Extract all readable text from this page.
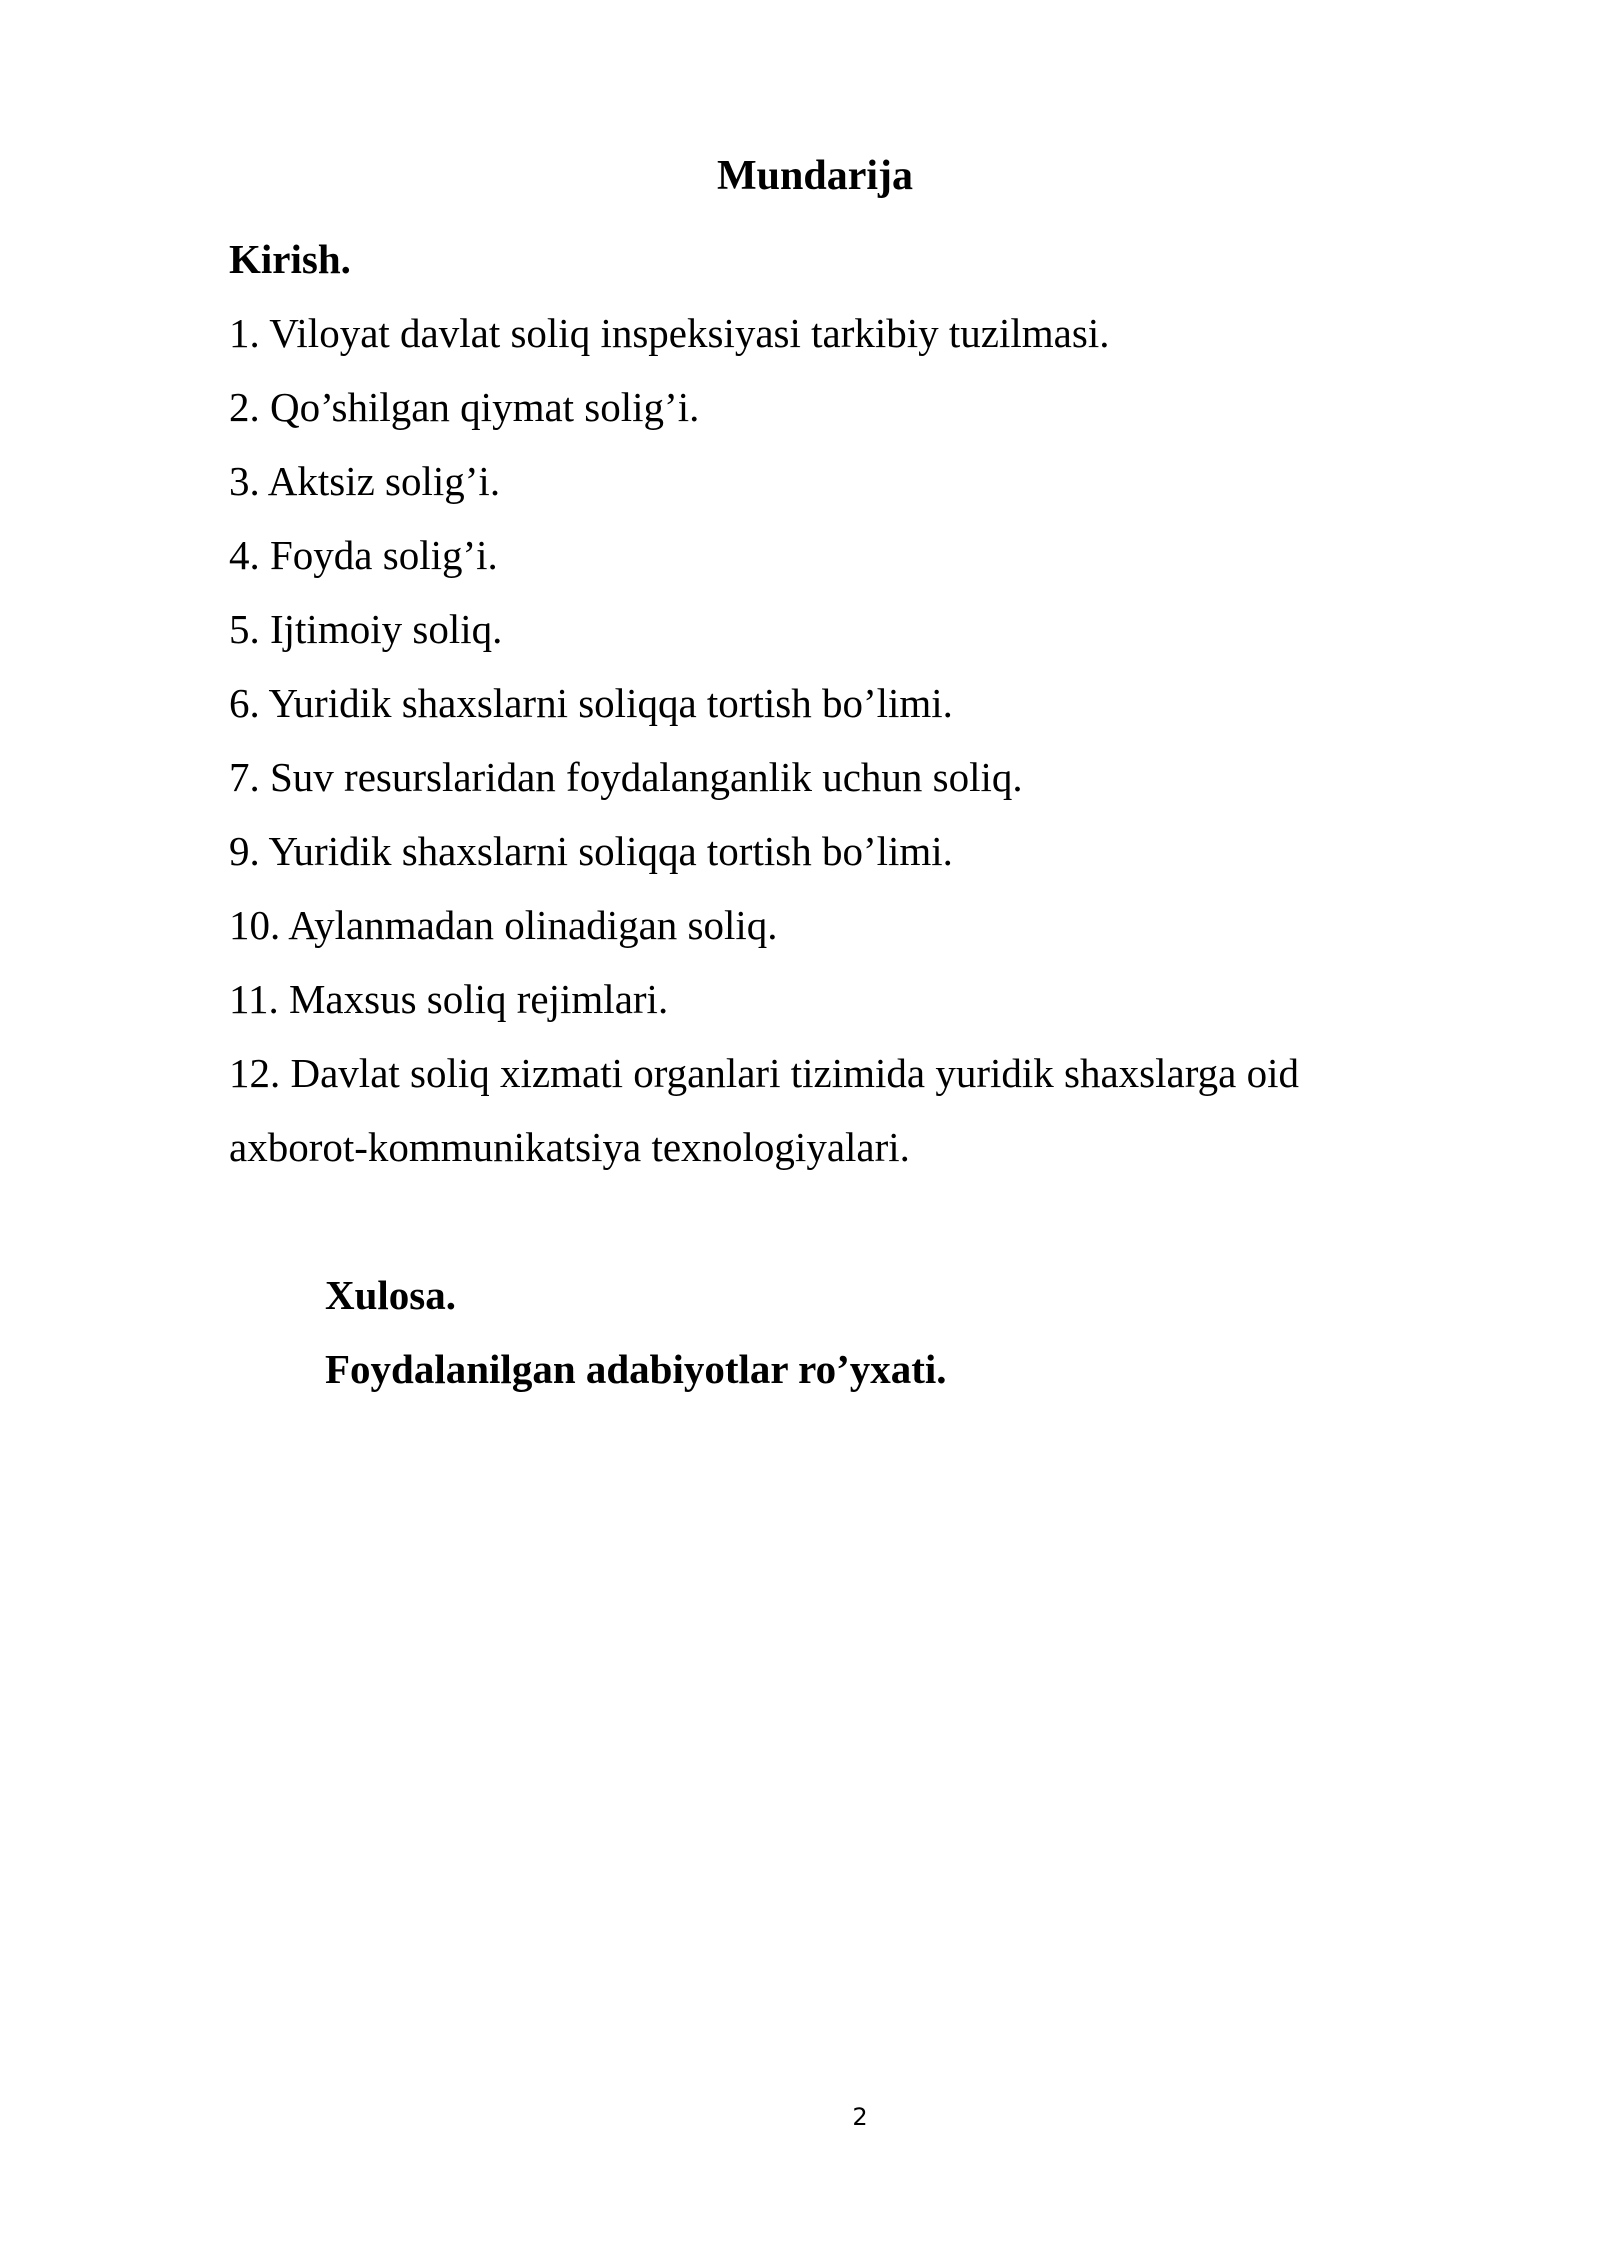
Mundarija
Kirish.
1. Viloyat davlat soliq inspeksiyasi tarkibiy tuzilmasi.
2. Qo’shilgan qiymat solig’i.
3. Aktsiz solig’i.
4. Foyda solig’i.
5. Ijtimoiy soliq.
6. Yuridik shaxslarni soliqqa tortish bo’limi.
7. Suv resurslaridan foydalanganlik uchun soliq.
9. Yuridik shaxslarni soliqqa tortish bo’limi.
10. Aylanmadan olinadigan soliq.
11. Maxsus soliq rejimlari.
12. Davlat soliq xizmati organlari tizimida yuridik shaxslarga oid
axborot-kommunikatsiya texnologiyalari.
Xulosa.
Foydalanilgan adabiyotlar ro’yxati.
2
